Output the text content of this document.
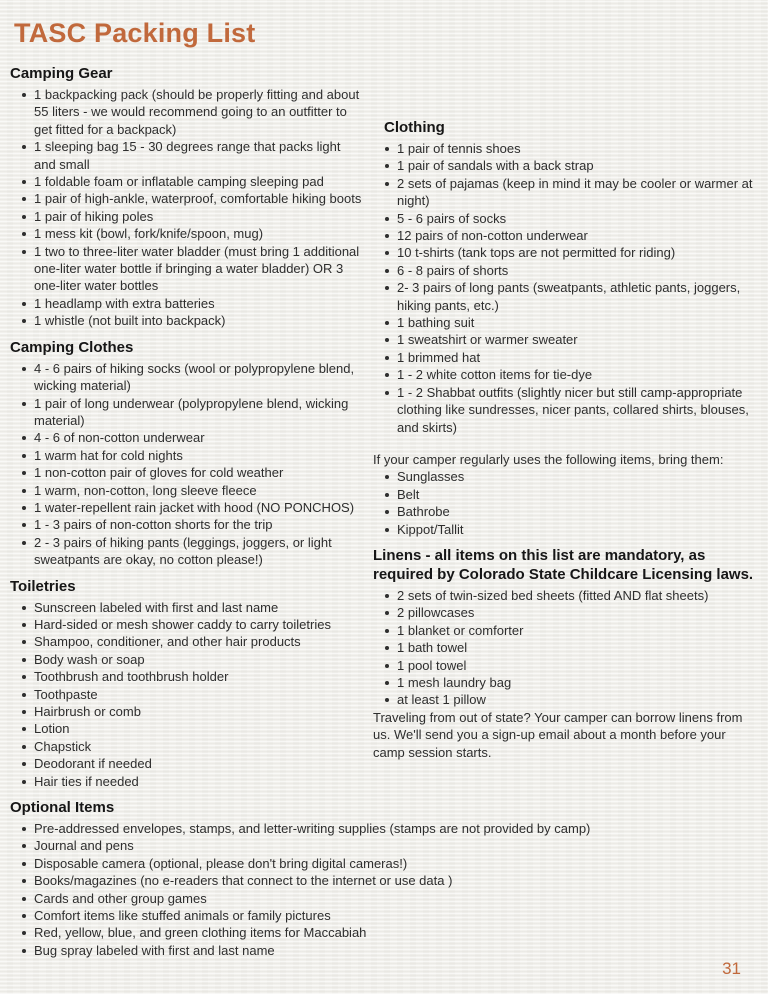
TASC Packing List
Camping Gear
1 backpacking pack (should be properly fitting and about 55 liters - we would recommend going to an outfitter to get fitted for a backpack)
1 sleeping bag 15 - 30 degrees range that packs light and small
1 foldable foam or inflatable camping sleeping pad
1 pair of high-ankle, waterproof, comfortable hiking boots
1 pair of hiking poles
1 mess kit (bowl, fork/knife/spoon, mug)
1 two to three-liter water bladder (must bring 1 additional one-liter water bottle if bringing a water bladder) OR 3 one-liter water bottles
1 headlamp with extra batteries
1 whistle (not built into backpack)
Camping Clothes
4 - 6 pairs of hiking socks (wool or polypropylene blend, wicking material)
1 pair of long underwear (polypropylene blend, wicking material)
4 - 6 of non-cotton underwear
1 warm hat for cold nights
1 non-cotton pair of gloves for cold weather
1 warm, non-cotton, long sleeve fleece
1 water-repellent rain jacket with hood (NO PONCHOS)
1 - 3 pairs of non-cotton shorts for the trip
2 - 3 pairs of hiking pants (leggings, joggers, or light sweatpants are okay, no cotton please!)
Toiletries
Sunscreen labeled with first and last name
Hard-sided or mesh shower caddy to carry toiletries
Shampoo, conditioner, and other hair products
Body wash or soap
Toothbrush and toothbrush holder
Toothpaste
Hairbrush or comb
Lotion
Chapstick
Deodorant if needed
Hair ties if needed
Clothing
1 pair of tennis shoes
1 pair of sandals with a back strap
2 sets of pajamas (keep in mind it may be cooler or warmer at night)
5 - 6 pairs of socks
12 pairs of non-cotton underwear
10 t-shirts (tank tops are not permitted for riding)
6 - 8 pairs of shorts
2- 3 pairs of long pants (sweatpants, athletic pants, joggers, hiking pants, etc.)
1 bathing suit
1 sweatshirt or warmer sweater
1 brimmed hat
1 - 2 white cotton items for tie-dye
1 - 2 Shabbat outfits (slightly nicer but still camp-appropriate clothing like sundresses, nicer pants, collared shirts, blouses, and skirts)

If your camper regularly uses the following items, bring them:

Sunglasses
Belt
Bathrobe
Kippot/Tallit
Linens - all items on this list are mandatory, as required by Colorado State Childcare Licensing laws.
2 sets of twin-sized bed sheets (fitted AND flat sheets)
2 pillowcases
1 blanket or comforter
1 bath towel
1 pool towel
1 mesh laundry bag
at least 1 pillow

Traveling from out of state? Your camper can borrow linens from us. We'll send you a sign-up email about a month before your camp session starts.

Optional Items
Pre-addressed envelopes, stamps, and letter-writing supplies (stamps are not provided by camp)
Journal and pens
Disposable camera (optional, please don't bring digital cameras!)
Books/magazines (no e-readers that connect to the internet or use data )
Cards and other group games
Comfort items like stuffed animals or family pictures
Red, yellow, blue, and green clothing items for Maccabiah
Bug spray labeled with first and last name
31
